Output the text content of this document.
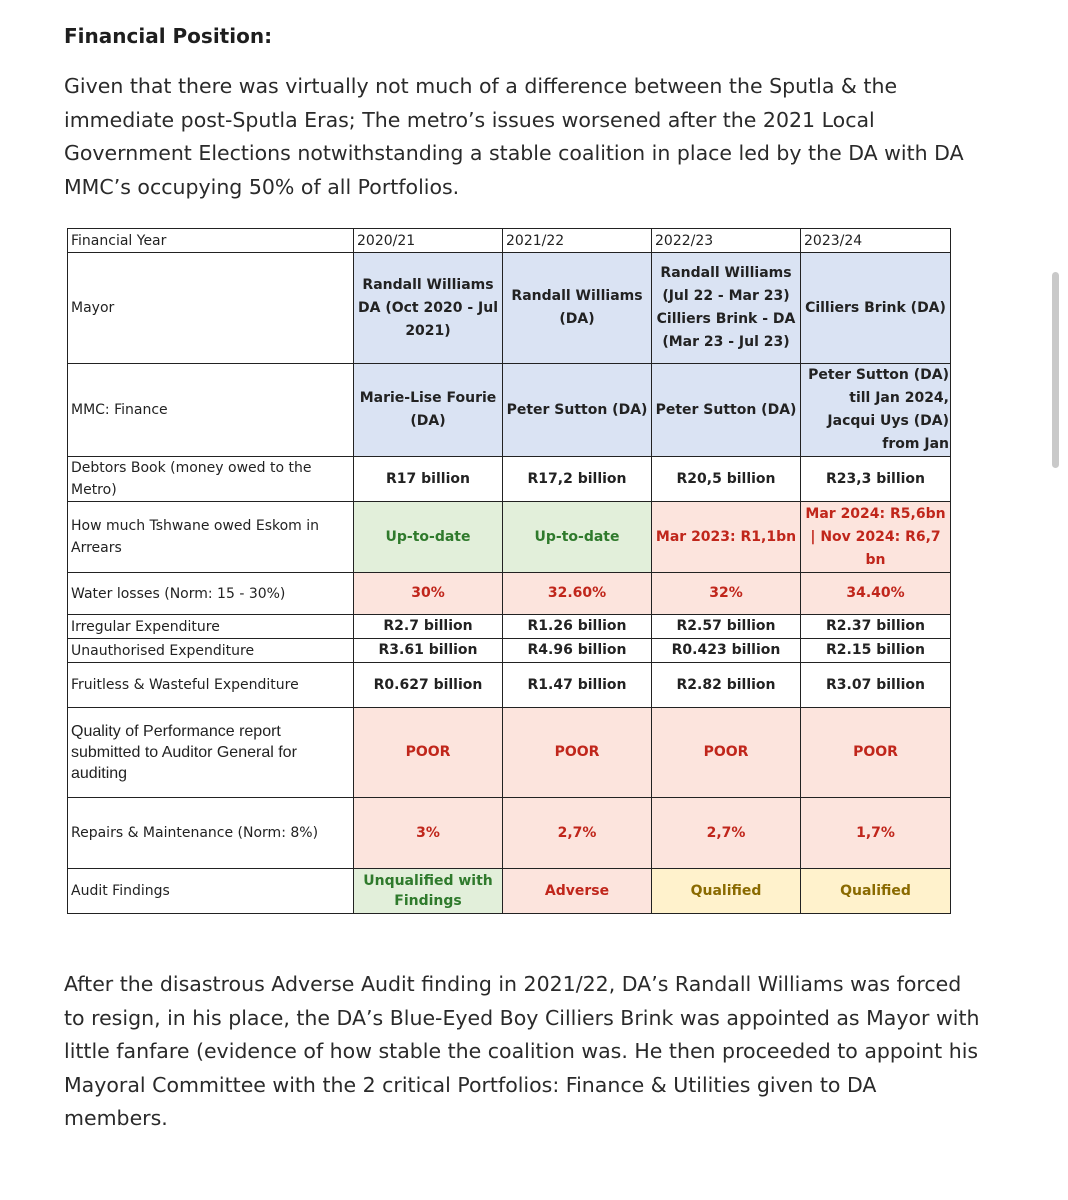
Financial Position:

Given that there was virtually not much of a difference between the Sputla & the immediate post-Sputla Eras; The metro’s issues worsened after the 2021 Local Government Elections notwithstanding a stable coalition in place led by the DA with DA MMC’s occupying 50% of all Portfolios.

Financial Year	2020/21	2021/22	2022/23	2023/24
Mayor	Randall Williams DA (Oct 2020 - Jul 2021)	Randall Williams (DA)	Randall Williams (Jul 22 - Mar 23) Cilliers Brink - DA (Mar 23 - Jul 23)	Cilliers Brink (DA)
MMC: Finance	Marie-Lise Fourie (DA)	Peter Sutton (DA)	Peter Sutton (DA)	Peter Sutton (DA) till Jan 2024, Jacqui Uys (DA) from Jan
Debtors Book (money owed to the Metro)	R17 billion	R17,2 billion	R20,5 billion	R23,3 billion
How much Tshwane owed Eskom in Arrears	Up-to-date	Up-to-date	Mar 2023: R1,1bn	Mar 2024: R5,6bn | Nov 2024: R6,7 bn
Water losses (Norm: 15 - 30%)	30%	32.60%	32%	34.40%
Irregular Expenditure	R2.7 billion	R1.26 billion	R2.57 billion	R2.37 billion
Unauthorised Expenditure	R3.61 billion	R4.96 billion	R0.423 billion	R2.15 billion
Fruitless & Wasteful Expenditure	R0.627 billion	R1.47 billion	R2.82 billion	R3.07 billion
Quality of Performance report submitted to Auditor General for auditing	POOR	POOR	POOR	POOR
Repairs & Maintenance (Norm: 8%)	3%	2,7%	2,7%	1,7%
Audit Findings	Unqualified with Findings	Adverse	Qualified	Qualified

After the disastrous Adverse Audit finding in 2021/22, DA’s Randall Williams was forced to resign, in his place, the DA’s Blue-Eyed Boy Cilliers Brink was appointed as Mayor with little fanfare (evidence of how stable the coalition was. He then proceeded to appoint his Mayoral Committee with the 2 critical Portfolios: Finance & Utilities given to DA members.
